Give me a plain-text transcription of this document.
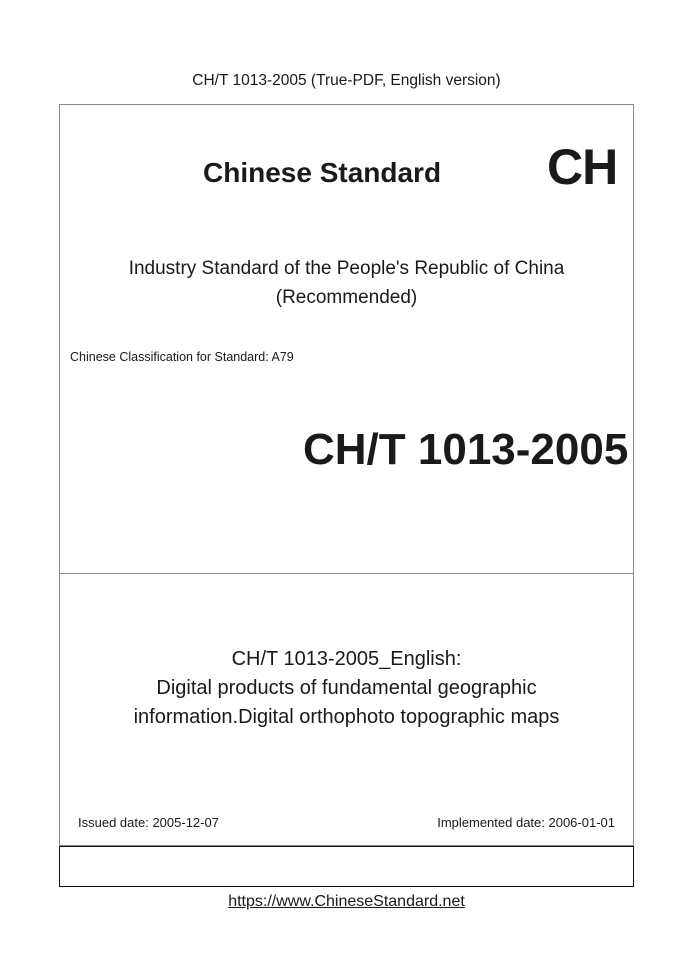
CH/T 1013-2005 (True-PDF, English version)
Chinese Standard CH
Industry Standard of the People's Republic of China
(Recommended)
Chinese Classification for Standard: A79
CH/T 1013-2005
CH/T 1013-2005_English:
Digital products of fundamental geographic
information.Digital orthophoto topographic maps
Issued date: 2005-12-07	Implemented date: 2006-01-01
https://www.ChineseStandard.net
